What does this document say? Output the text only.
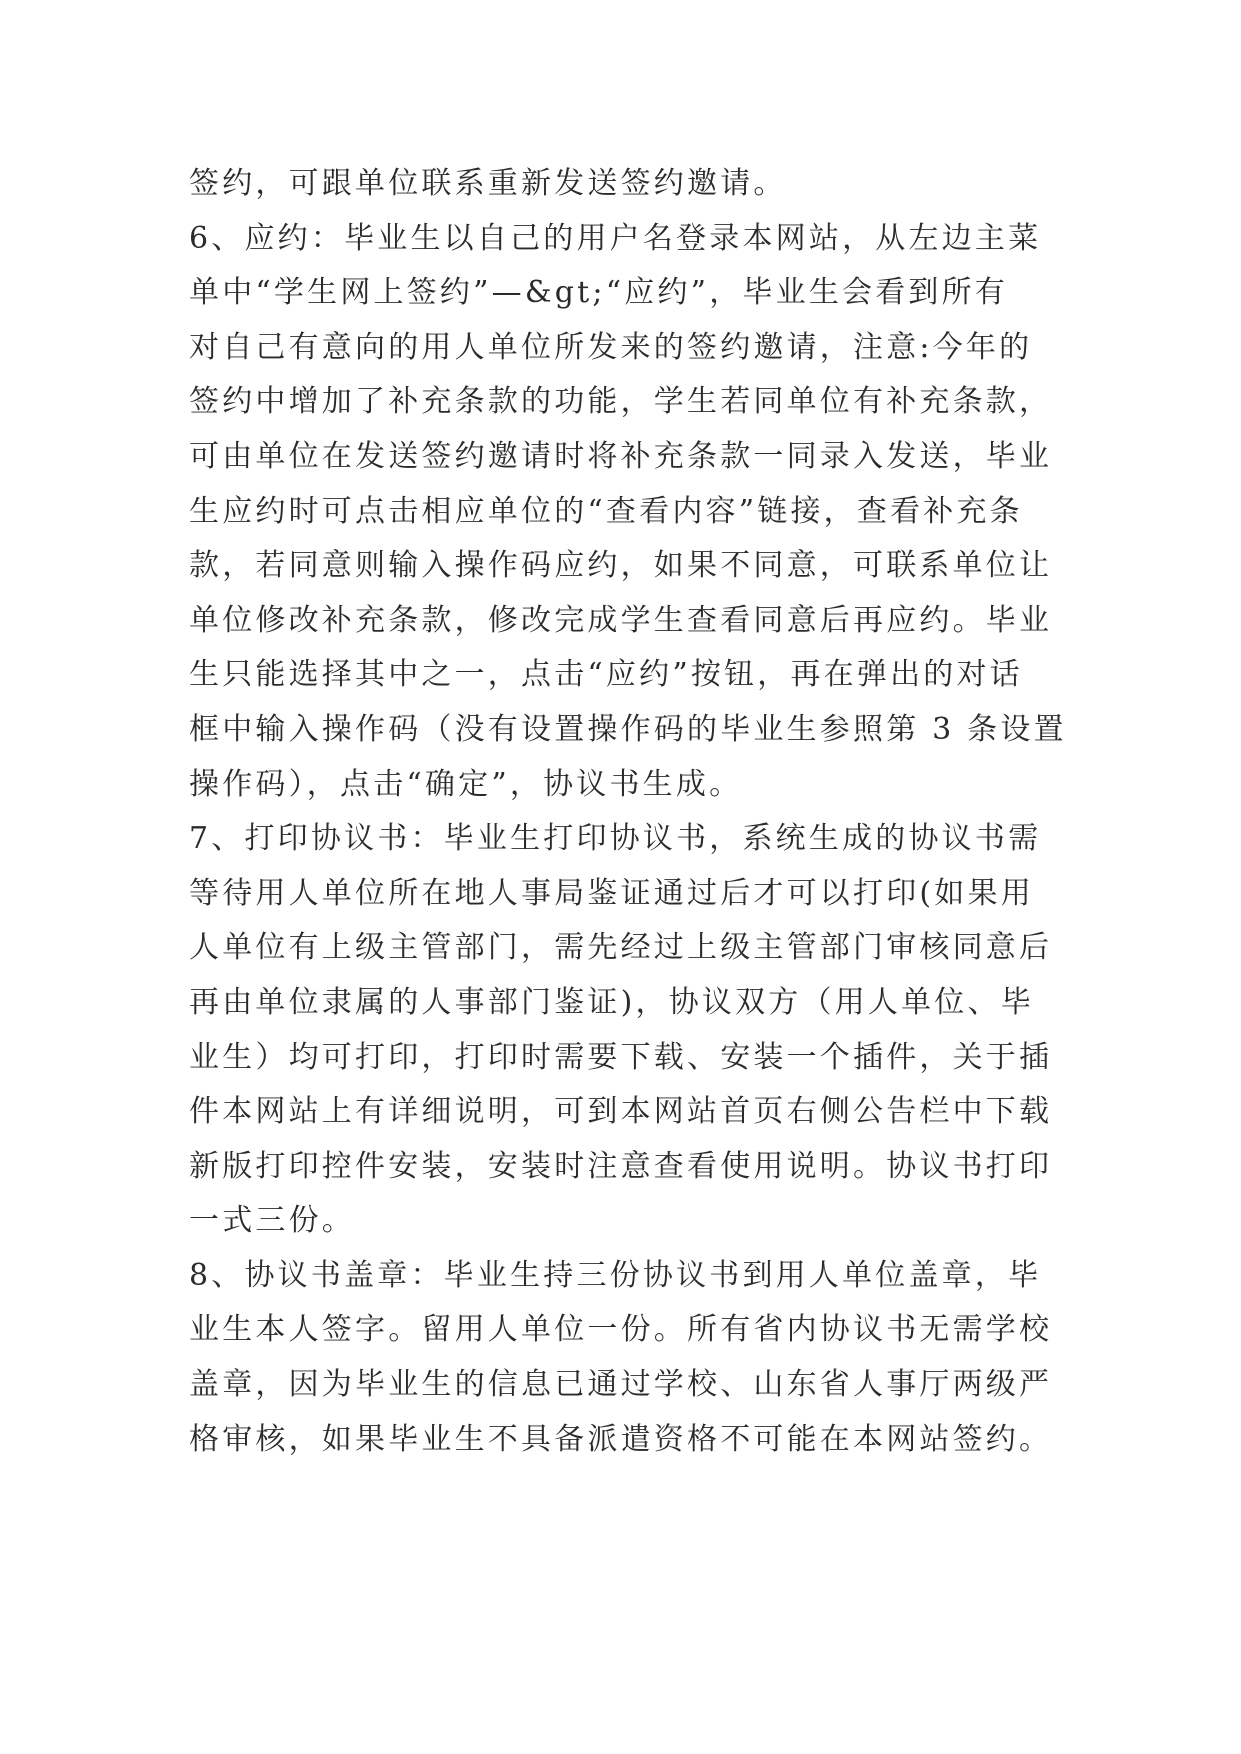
签约，可跟单位联系重新发送签约邀请。
6、应约：毕业生以自己的用户名登录本网站，从左边主菜
单中“学生网上签约”—&gt;“应约”，毕业生会看到所有
对自己有意向的用人单位所发来的签约邀请，注意:今年的
签约中增加了补充条款的功能，学生若同单位有补充条款，
可由单位在发送签约邀请时将补充条款一同录入发送，毕业
生应约时可点击相应单位的“查看内容”链接，查看补充条
款，若同意则输入操作码应约，如果不同意，可联系单位让
单位修改补充条款，修改完成学生查看同意后再应约。毕业
生只能选择其中之一，点击“应约”按钮，再在弹出的对话
框中输入操作码（没有设置操作码的毕业生参照第 3 条设置
操作码），点击“确定”，协议书生成。
7、打印协议书：毕业生打印协议书，系统生成的协议书需
等待用人单位所在地人事局鉴证通过后才可以打印(如果用
人单位有上级主管部门，需先经过上级主管部门审核同意后
再由单位隶属的人事部门鉴证)，协议双方（用人单位、毕
业生）均可打印，打印时需要下载、安装一个插件，关于插
件本网站上有详细说明，可到本网站首页右侧公告栏中下载
新版打印控件安装，安装时注意查看使用说明。协议书打印
一式三份。
8、协议书盖章：毕业生持三份协议书到用人单位盖章，毕
业生本人签字。留用人单位一份。所有省内协议书无需学校
盖章，因为毕业生的信息已通过学校、山东省人事厅两级严
格审核，如果毕业生不具备派遣资格不可能在本网站签约。
